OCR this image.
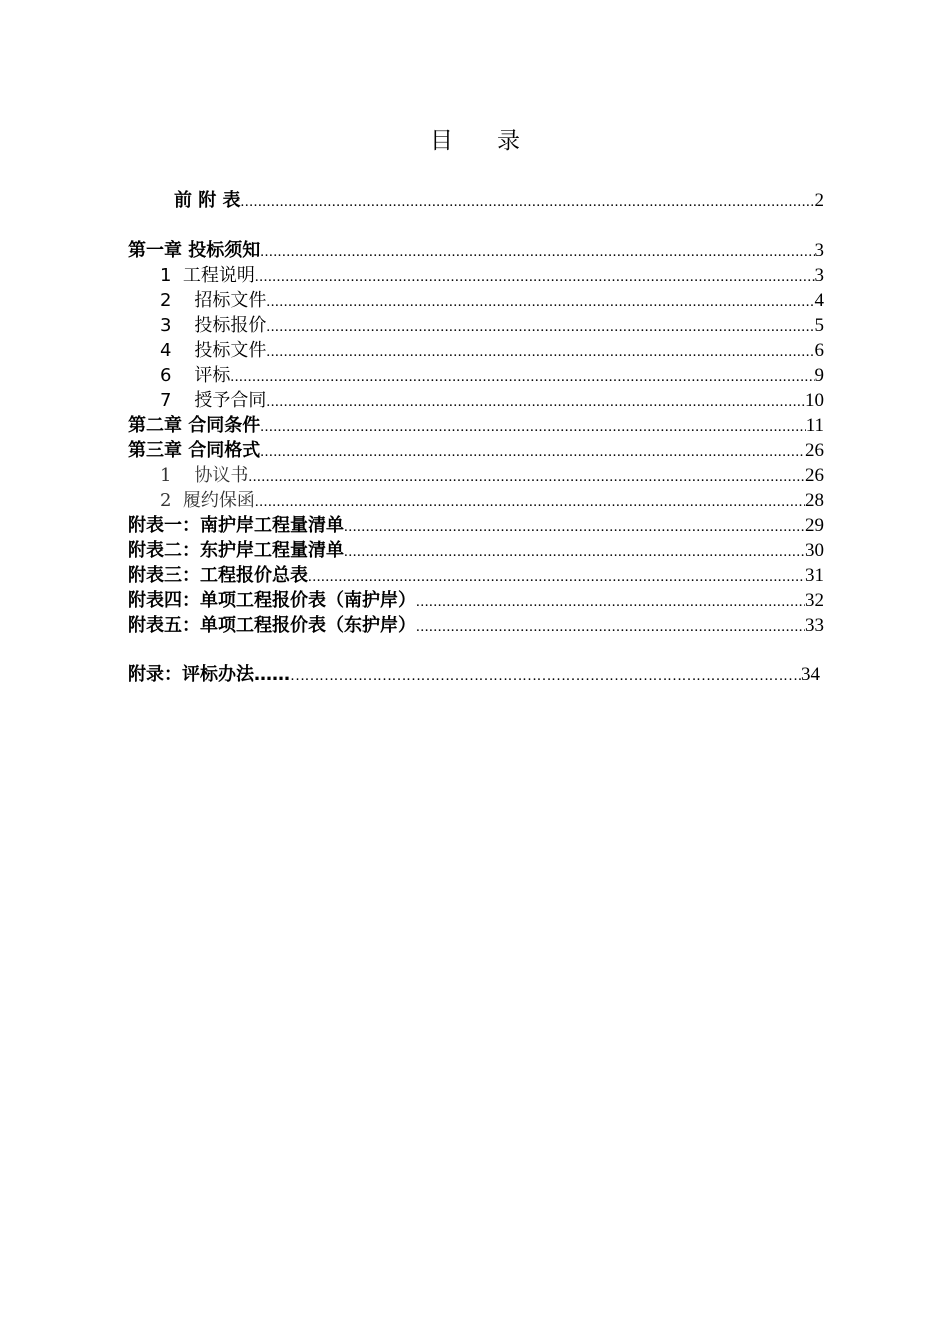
目 录
前 附 表 .....	2
第一章 投标须知 .....	3
1 工程说明 .....	3
2 招标文件 .....	4
3 投标报价 .....	5
4 投标文件 .....	6
6 评标 .....	9
7 授予合同 .....	10
第二章 合同条件 .....	11
第三章 合同格式 .....	26
1 协议书 .....	26
2 履约保函 .....	28
附表一：南护岸工程量清单 .....	29
附表二：东护岸工程量清单 .....	30
附表三：工程报价总表 .....	31
附表四：单项工程报价表（南护岸） .....	32
附表五：单项工程报价表（东护岸） .....	33
附录：评标办法…… ……………………………………………………………………………………………………………………………………	34
